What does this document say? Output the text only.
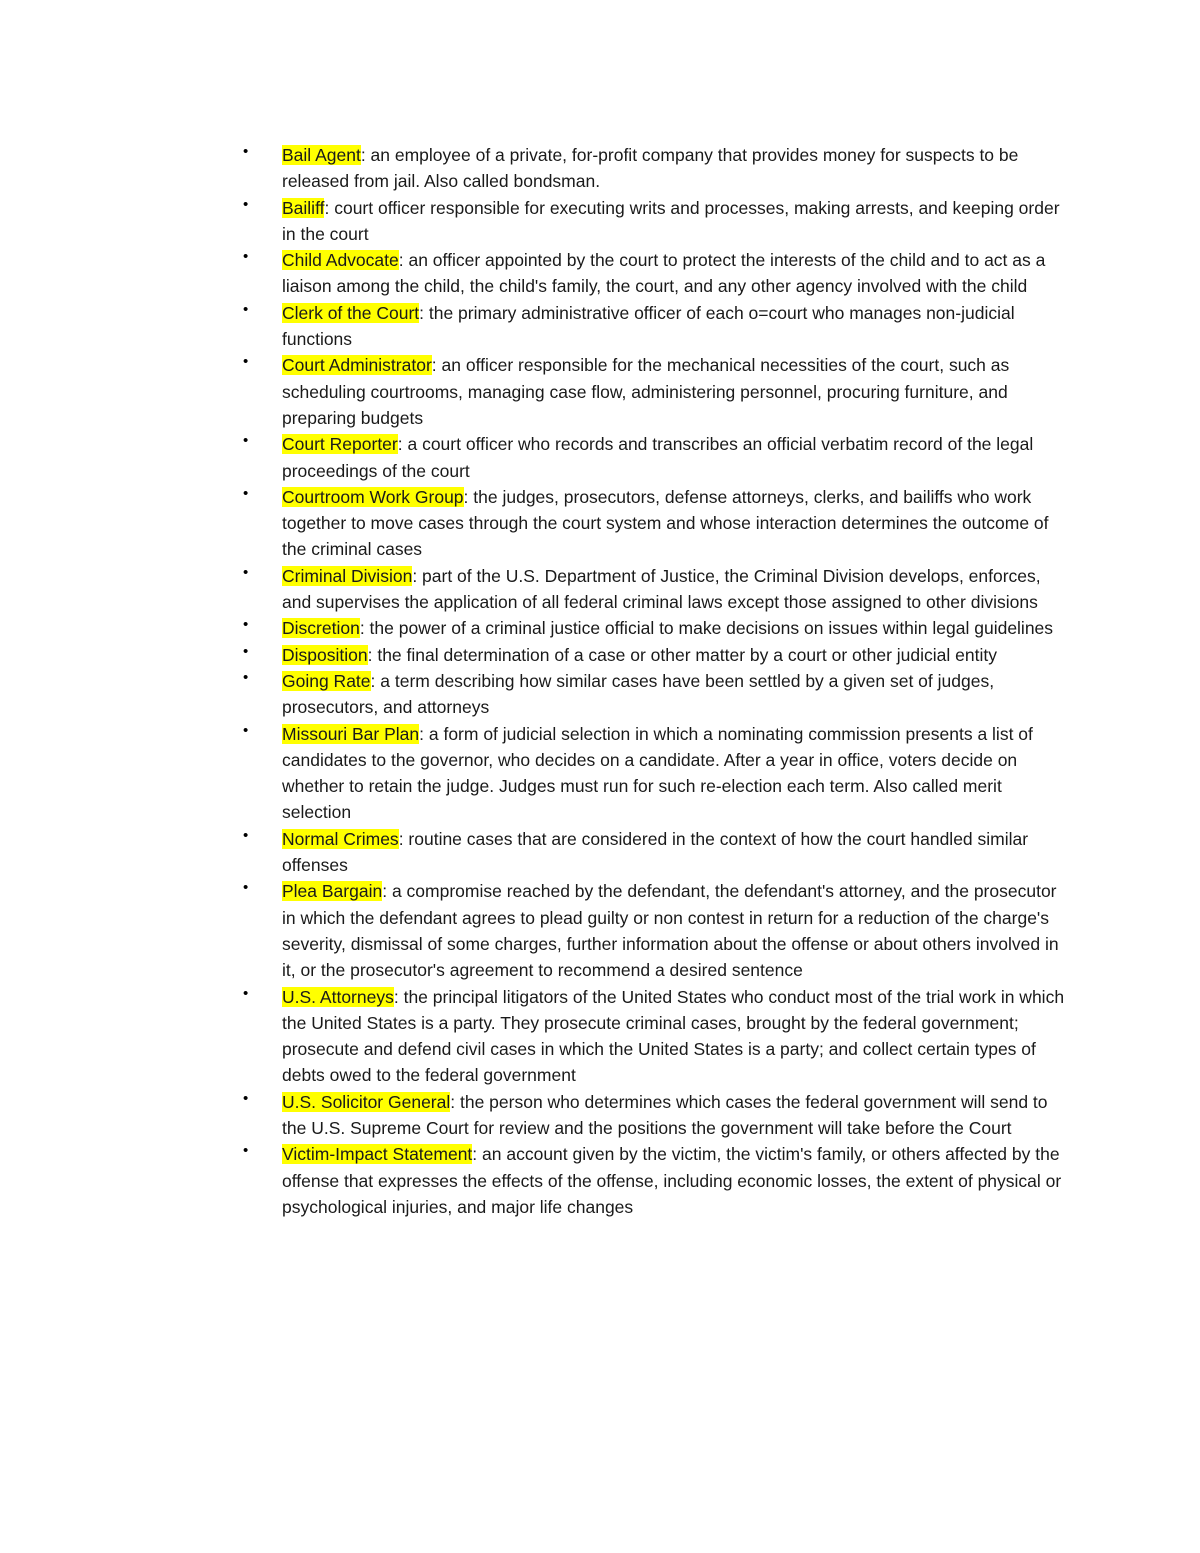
• Bail Agent: an employee of a private, for-profit company that provides money for suspects to be released from jail. Also called bondsman.
• Bailiff: court officer responsible for executing writs and processes, making arrests, and keeping order in the court
• Child Advocate: an officer appointed by the court to protect the interests of the child and to act as a liaison among the child, the child's family, the court, and any other agency involved with the child
• Clerk of the Court: the primary administrative officer of each o=court who manages non-judicial functions
• Court Administrator: an officer responsible for the mechanical necessities of the court, such as scheduling courtrooms, managing case flow, administering personnel, procuring furniture, and preparing budgets
• Court Reporter: a court officer who records and transcribes an official verbatim record of the legal proceedings of the court
• Courtroom Work Group: the judges, prosecutors, defense attorneys, clerks, and bailiffs who work together to move cases through the court system and whose interaction determines the outcome of the criminal cases
• Criminal Division: part of the U.S. Department of Justice, the Criminal Division develops, enforces, and supervises the application of all federal criminal laws except those assigned to other divisions
• Discretion: the power of a criminal justice official to make decisions on issues within legal guidelines
• Disposition: the final determination of a case or other matter by a court or other judicial entity
• Going Rate: a term describing how similar cases have been settled by a given set of judges, prosecutors, and attorneys
• Missouri Bar Plan: a form of judicial selection in which a nominating commission presents a list of candidates to the governor, who decides on a candidate. After a year in office, voters decide on whether to retain the judge. Judges must run for such re-election each term. Also called merit selection
• Normal Crimes: routine cases that are considered in the context of how the court handled similar offenses
• Plea Bargain: a compromise reached by the defendant, the defendant's attorney, and the prosecutor in which the defendant agrees to plead guilty or non contest in return for a reduction of the charge's severity, dismissal of some charges, further information about the offense or about others involved in it, or the prosecutor's agreement to recommend a desired sentence
• U.S. Attorneys: the principal litigators of the United States who conduct most of the trial work in which the United States is a party. They prosecute criminal cases, brought by the federal government; prosecute and defend civil cases in which the United States is a party; and collect certain types of debts owed to the federal government
• U.S. Solicitor General: the person who determines which cases the federal government will send to the U.S. Supreme Court for review and the positions the government will take before the Court
• Victim-Impact Statement: an account given by the victim, the victim's family, or others affected by the offense that expresses the effects of the offense, including economic losses, the extent of physical or psychological injuries, and major life changes
